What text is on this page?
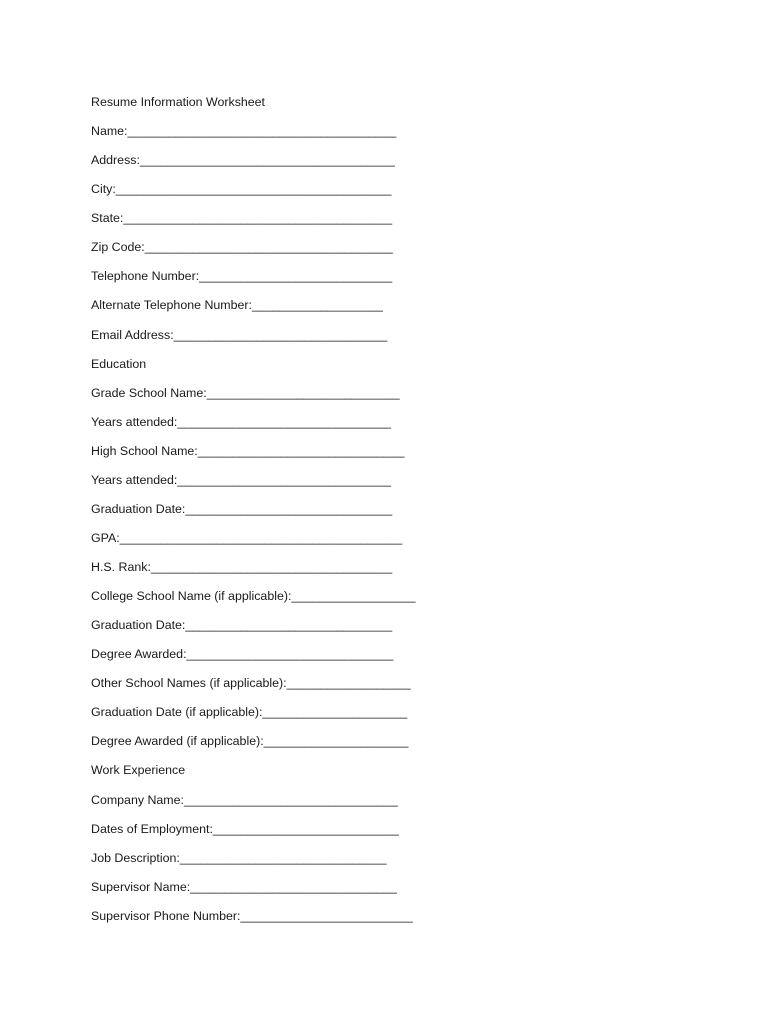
Resume Information Worksheet
Name:_______________________________________
Address:_____________________________________
City:________________________________________
State:_______________________________________
Zip Code:____________________________________
Telephone Number:____________________________
Alternate Telephone Number:___________________
Email Address:_______________________________
Education
Grade School Name:____________________________
Years attended:_______________________________
High School Name:______________________________
Years attended:_______________________________
Graduation Date:______________________________
GPA:_________________________________________
H.S. Rank:___________________________________
College School Name (if applicable):__________________
Graduation Date:______________________________
Degree Awarded:______________________________
Other School Names (if applicable):__________________
Graduation Date (if applicable):_____________________
Degree Awarded (if applicable):_____________________
Work Experience
Company Name:_______________________________
Dates of Employment:___________________________
Job Description:______________________________
Supervisor Name:______________________________
Supervisor Phone Number:_________________________
